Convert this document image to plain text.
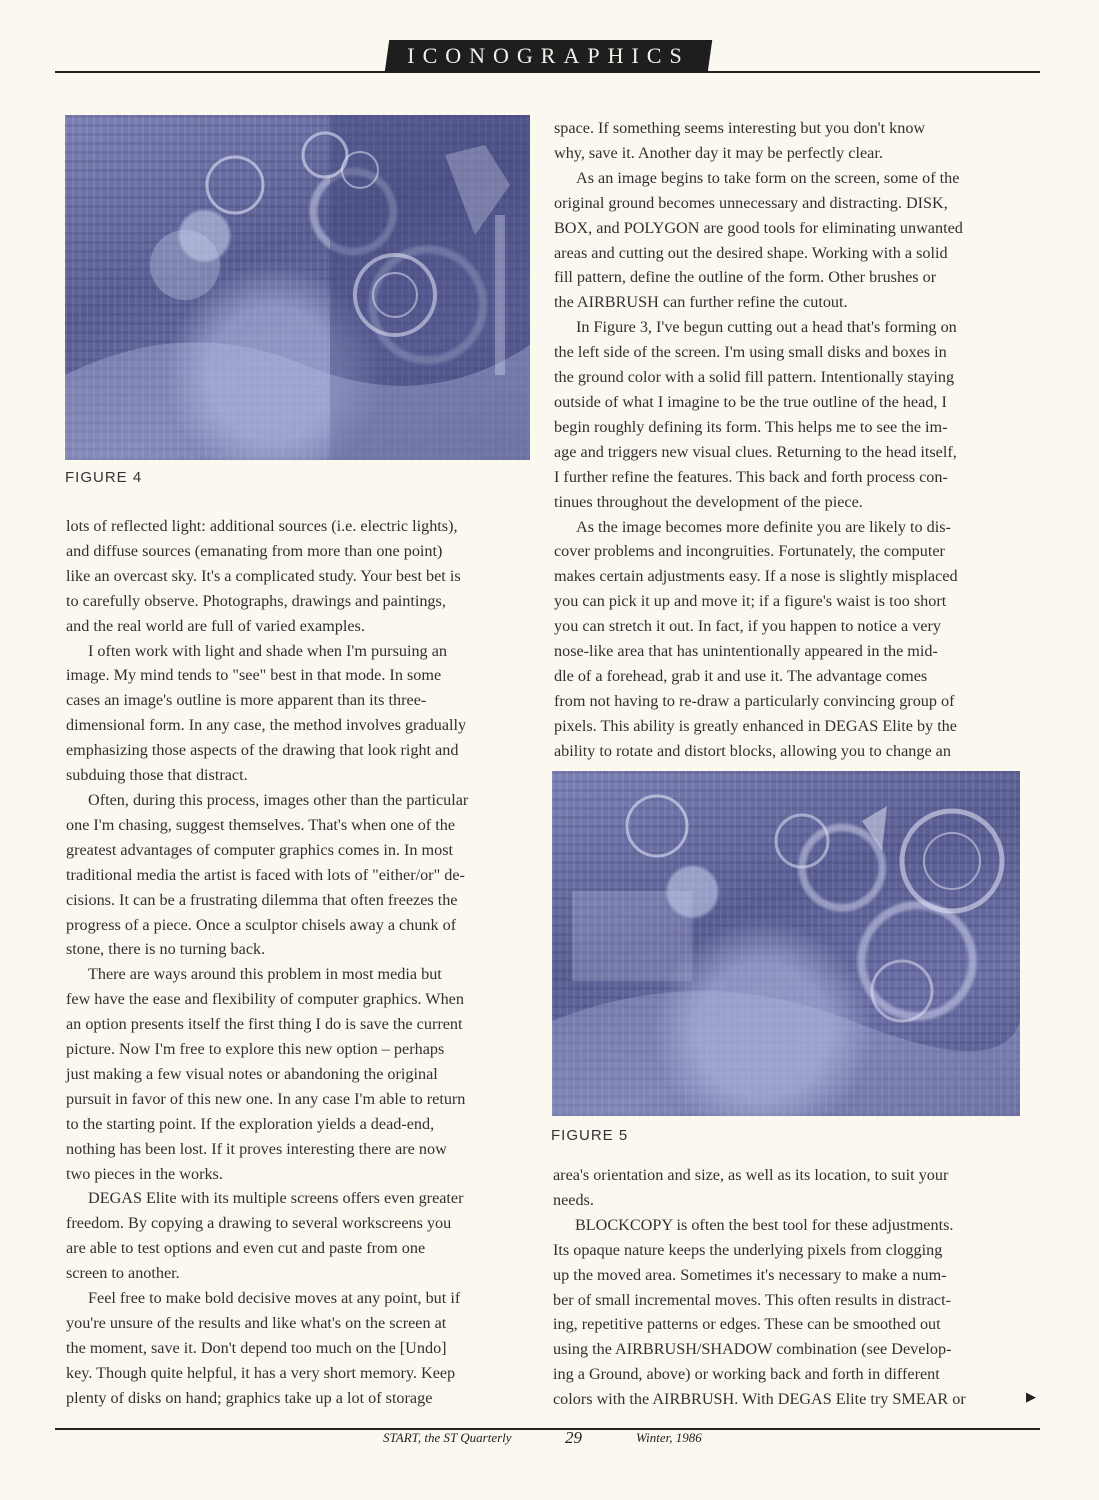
ICONOGRAPHICS
FIGURE 4

lots of reflected light: additional sources (i.e. electric lights),

and diffuse sources (emanating from more than one point)

like an overcast sky. It's a complicated study. Your best bet is

to carefully observe. Photographs, drawings and paintings,

and the real world are full of varied examples.

I often work with light and shade when I'm pursuing an

image. My mind tends to "see" best in that mode. In some

cases an image's outline is more apparent than its three-

dimensional form. In any case, the method involves gradually

emphasizing those aspects of the drawing that look right and

subduing those that distract.

Often, during this process, images other than the particular

one I'm chasing, suggest themselves. That's when one of the

greatest advantages of computer graphics comes in. In most

traditional media the artist is faced with lots of "either/or" de-

cisions. It can be a frustrating dilemma that often freezes the

progress of a piece. Once a sculptor chisels away a chunk of

stone, there is no turning back.

There are ways around this problem in most media but

few have the ease and flexibility of computer graphics. When

an option presents itself the first thing I do is save the current

picture. Now I'm free to explore this new option – perhaps

just making a few visual notes or abandoning the original

pursuit in favor of this new one. In any case I'm able to return

to the starting point. If the exploration yields a dead-end,

nothing has been lost. If it proves interesting there are now

two pieces in the works.

DEGAS Elite with its multiple screens offers even greater

freedom. By copying a drawing to several workscreens you

are able to test options and even cut and paste from one

screen to another.

Feel free to make bold decisive moves at any point, but if

you're unsure of the results and like what's on the screen at

the moment, save it. Don't depend too much on the [Undo]

key. Though quite helpful, it has a very short memory. Keep

plenty of disks on hand; graphics take up a lot of storage

space. If something seems interesting but you don't know

why, save it. Another day it may be perfectly clear.

As an image begins to take form on the screen, some of the

original ground becomes unnecessary and distracting. DISK,

BOX, and POLYGON are good tools for eliminating unwanted

areas and cutting out the desired shape. Working with a solid

fill pattern, define the outline of the form. Other brushes or

the AIRBRUSH can further refine the cutout.

In Figure 3, I've begun cutting out a head that's forming on

the left side of the screen. I'm using small disks and boxes in

the ground color with a solid fill pattern. Intentionally staying

outside of what I imagine to be the true outline of the head, I

begin roughly defining its form. This helps me to see the im-

age and triggers new visual clues. Returning to the head itself,

I further refine the features. This back and forth process con-

tinues throughout the development of the piece.

As the image becomes more definite you are likely to dis-

cover problems and incongruities. Fortunately, the computer

makes certain adjustments easy. If a nose is slightly misplaced

you can pick it up and move it; if a figure's waist is too short

you can stretch it out. In fact, if you happen to notice a very

nose-like area that has unintentionally appeared in the mid-

dle of a forehead, grab it and use it. The advantage comes

from not having to re-draw a particularly convincing group of

pixels. This ability is greatly enhanced in DEGAS Elite by the

ability to rotate and distort blocks, allowing you to change an

FIGURE 5

area's orientation and size, as well as its location, to suit your

needs.

BLOCKCOPY is often the best tool for these adjustments.

Its opaque nature keeps the underlying pixels from clogging

up the moved area. Sometimes it's necessary to make a num-

ber of small incremental moves. This often results in distract-

ing, repetitive patterns or edges. These can be smoothed out

using the AIRBRUSH/SHADOW combination (see Develop-

ing a Ground, above) or working back and forth in different

colors with the AIRBRUSH. With DEGAS Elite try SMEAR or	▶
START, the ST Quarterly	29	Winter, 1986
